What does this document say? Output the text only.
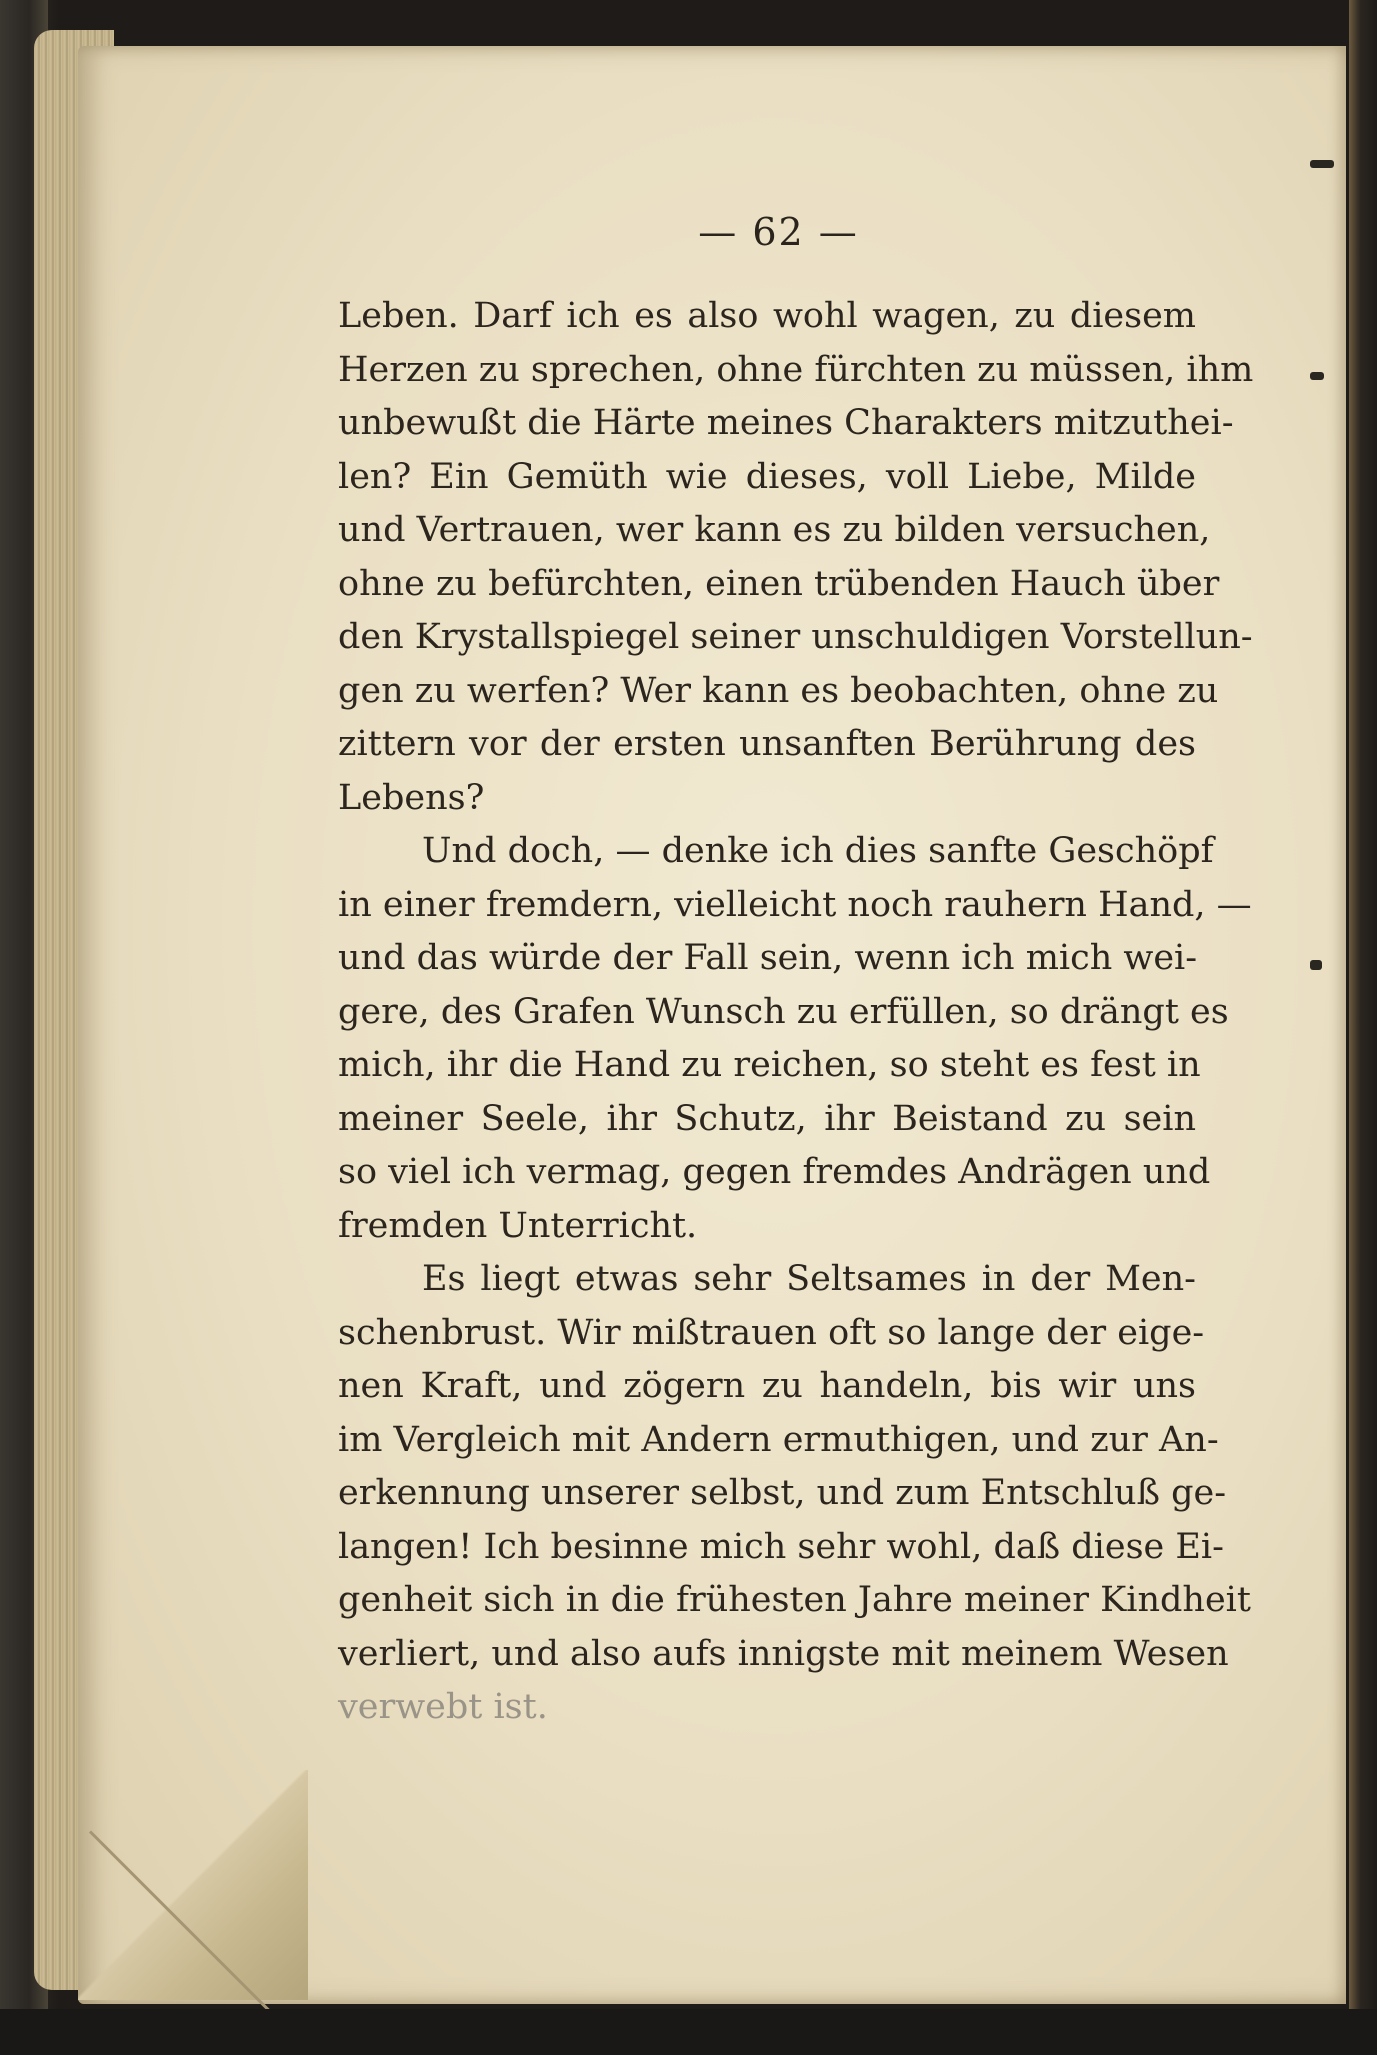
— 62 —
Leben. Darf ich es also wohl wagen, zu diesem
Herzen zu sprechen, ohne fürchten zu müssen, ihm
unbewußt die Härte meines Charakters mitzuthei-
len? Ein Gemüth wie dieses, voll Liebe, Milde
und Vertrauen, wer kann es zu bilden versuchen,
ohne zu befürchten, einen trübenden Hauch über
den Krystallspiegel seiner unschuldigen Vorstellun-
gen zu werfen? Wer kann es beobachten, ohne zu
zittern vor der ersten unsanften Berührung des
Lebens?
Und doch, — denke ich dies sanfte Geschöpf
in einer fremdern, vielleicht noch rauhern Hand, —
und das würde der Fall sein, wenn ich mich wei-
gere, des Grafen Wunsch zu erfüllen, so drängt es
mich, ihr die Hand zu reichen, so steht es fest in
meiner Seele, ihr Schutz, ihr Beistand zu sein
so viel ich vermag, gegen fremdes Andrägen und
fremden Unterricht.
Es liegt etwas sehr Seltsames in der Men-
schenbrust. Wir mißtrauen oft so lange der eige-
nen Kraft, und zögern zu handeln, bis wir uns
im Vergleich mit Andern ermuthigen, und zur An-
erkennung unserer selbst, und zum Entschluß ge-
langen! Ich besinne mich sehr wohl, daß diese Ei-
genheit sich in die frühesten Jahre meiner Kindheit
verliert, und also aufs innigste mit meinem Wesen
verwebt ist.
